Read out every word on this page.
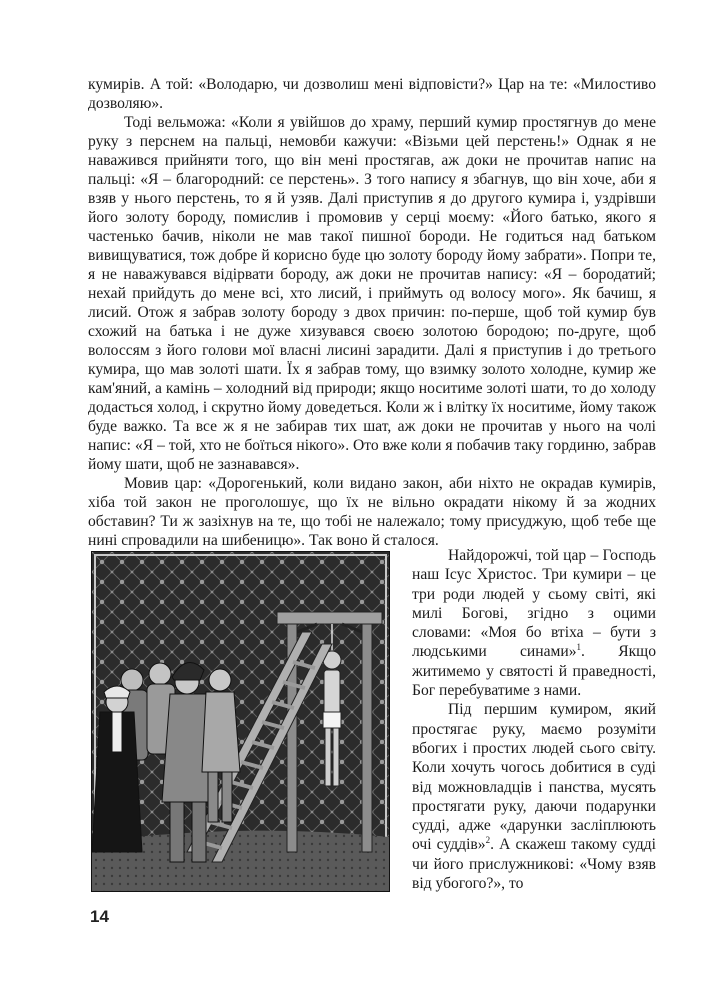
кумирів. А той: «Володарю, чи дозволиш мені відповісти?» Цар на те: «Милостиво дозволяю».

Тоді вельможа: «Коли я увійшов до храму, перший кумир простягнув до мене руку з перснем на пальці, немовби кажучи: «Візьми цей перстень!» Однак я не наважився прийняти того, що він мені простягав, аж доки не прочитав напис на пальці: «Я – благородний: се перстень». З того напису я збагнув, що він хоче, аби я взяв у нього перстень, то я й узяв. Далі приступив я до другого кумира і, уздрівши його золоту бороду, помислив і промовив у серці моєму: «Його батько, якого я частенько бачив, ніколи не мав такої пишної бороди. Не годиться над батьком вивищуватися, тож добре й корисно буде цю золоту бороду йому забрати». Попри те, я не наважувався відірвати бороду, аж доки не прочитав напису: «Я – бородатий; нехай прийдуть до мене всі, хто лисий, і приймуть од волосу мого». Як бачиш, я лисий. Отож я забрав золоту бороду з двох причин: по-перше, щоб той кумир був схожий на батька і не дуже хизувався своєю золотою бородою; по-друге, щоб волоссям з його голови мої власні лисині зарадити. Далі я приступив і до третього кумира, що мав золоті шати. Їх я забрав тому, що взимку золото холодне, кумир же кам'яний, а камінь – холодний від природи; якщо носитиме золоті шати, то до холоду додасться холод, і скрутно йому доведеться. Коли ж і влітку їх носитиме, йому також буде важко. Та все ж я не забирав тих шат, аж доки не прочитав у нього на чолі напис: «Я – той, хто не боїться нікого». Ото вже коли я побачив таку гординю, забрав йому шати, щоб не зазнавався».

Мовив цар: «Дорогенький, коли видано закон, аби ніхто не окрадав кумирів, хіба той закон не проголошує, що їх не вільно окрадати нікому й за жодних обставин? Ти ж зазіхнув на те, що тобі не належало; тому присуджую, щоб тебе ще нині спровадили на шибеницю». Так воно й сталося.

Найдорожчі, той цар – Господь наш Ісус Христос. Три кумири – це три роди людей у сьому світі, які милі Богові, згідно з оцими словами: «Моя бо втіха – бути з людськими синами»$^1$. Якщо житимемо у святості й праведності, Бог перебуватиме з нами.

Під першим кумиром, який простягає руку, маємо розуміти вбогих і простих людей сього світу. Коли хочуть чогось добитися в суді від можновладців і панства, мусять простягати руку, даючи подарунки судді, адже «дарунки засліплюють очі суддів»$^2$. А скажеш такому судді чи його прислужникові: «Чому взяв від убогого?», то

14
